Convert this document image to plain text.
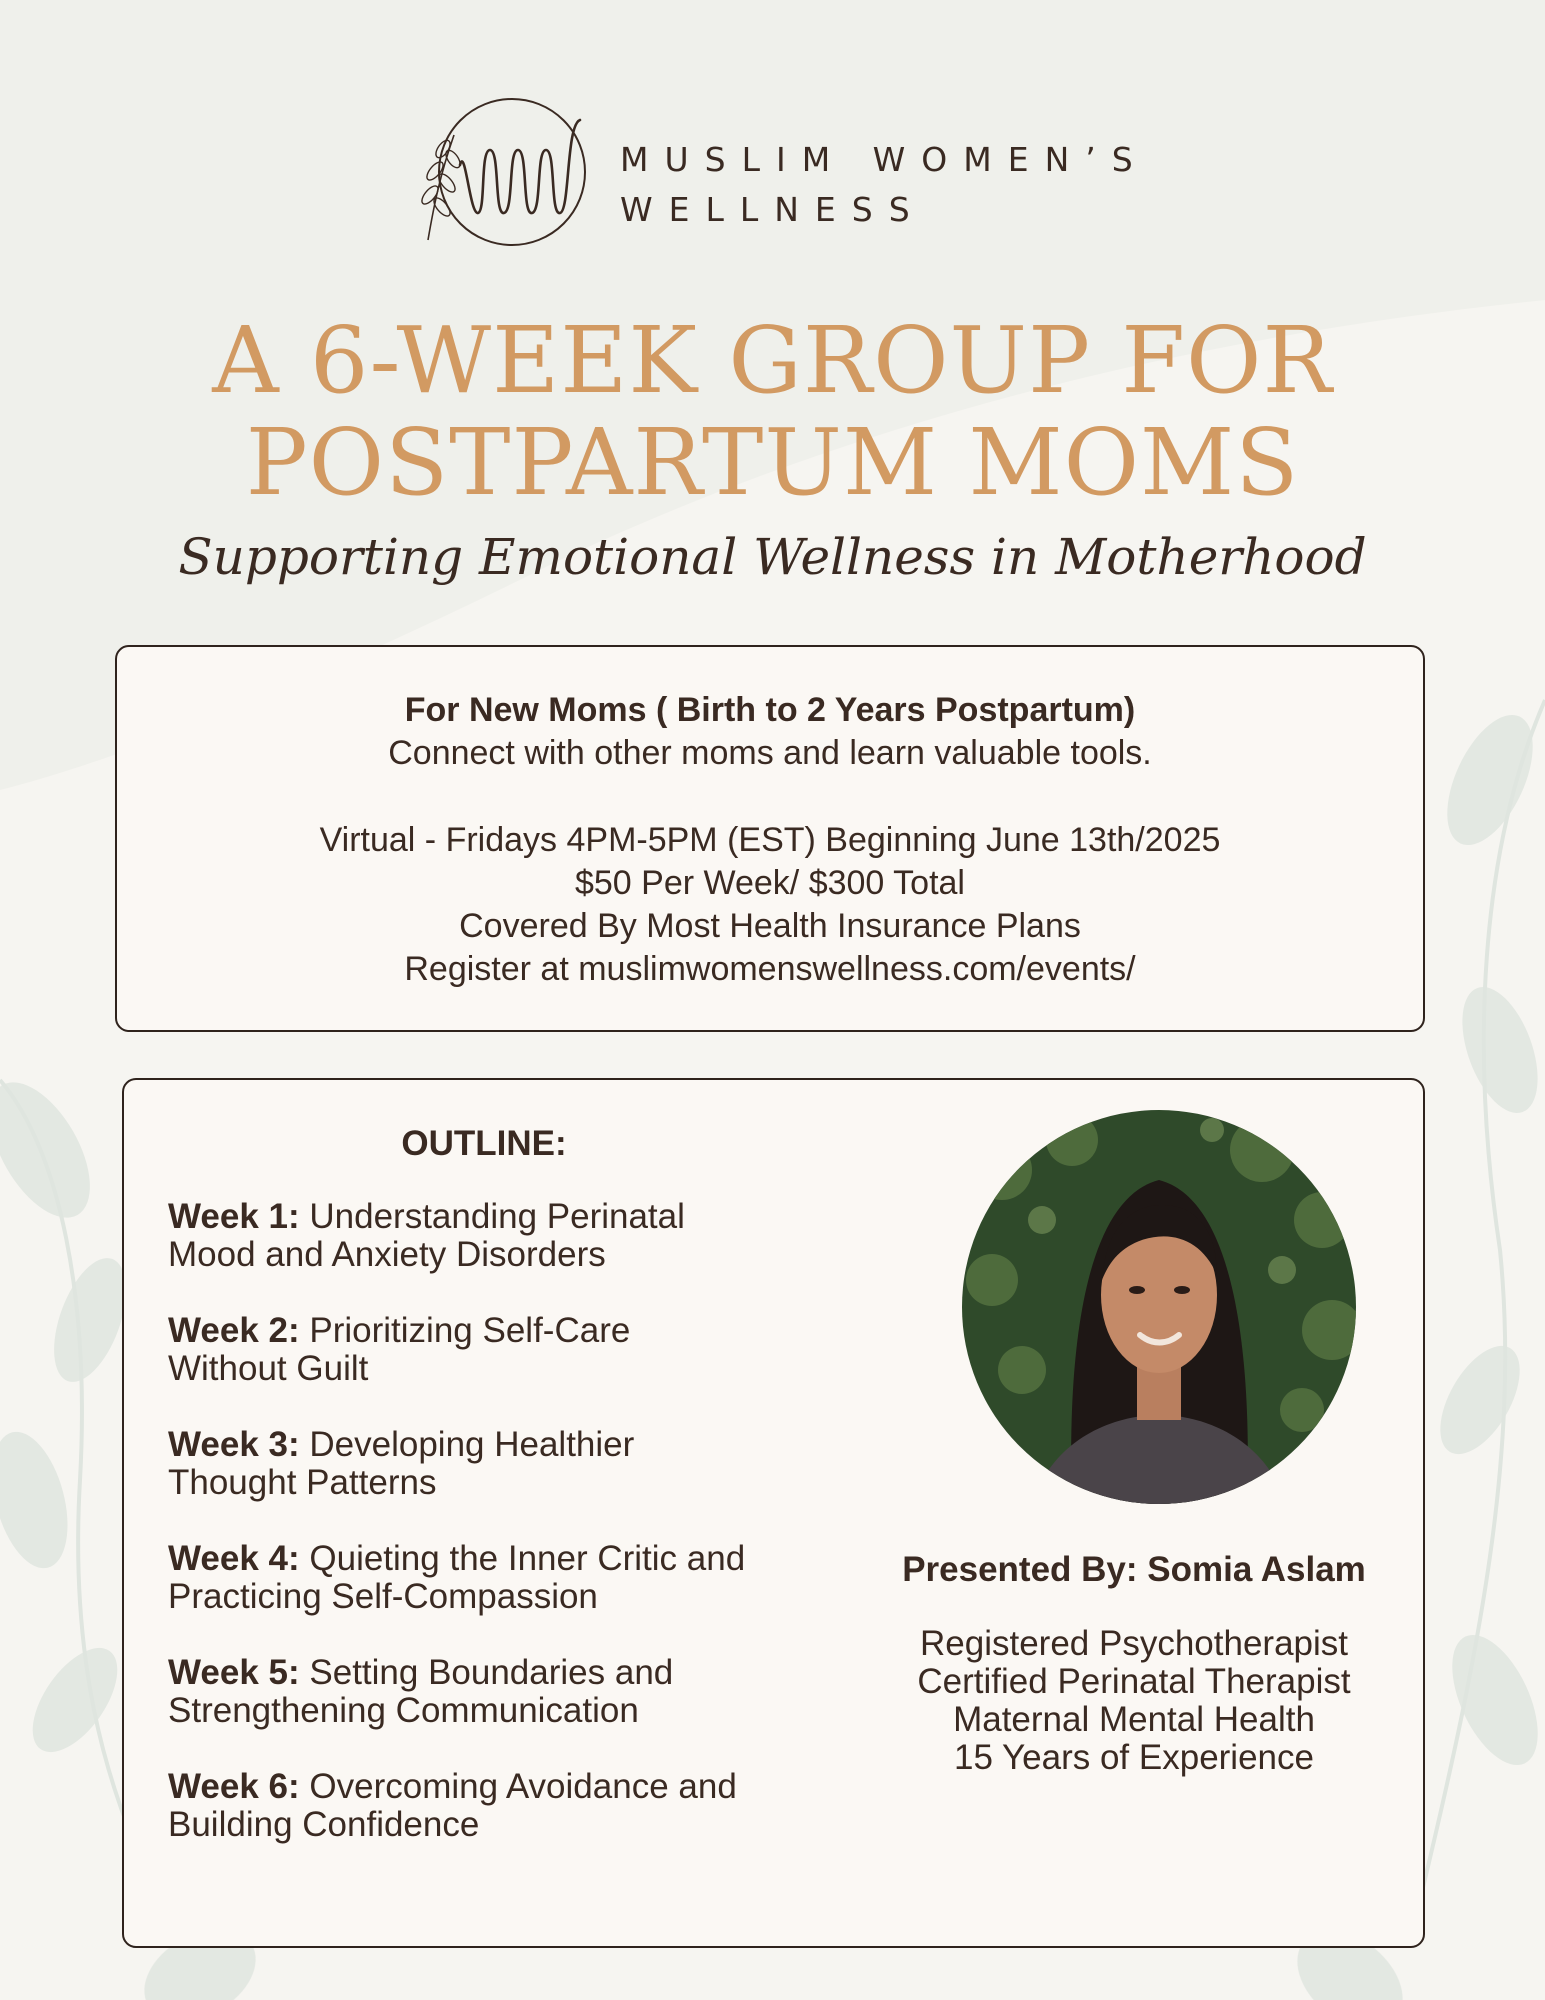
MUSLIM WOMEN’S
WELLNESS
A 6-WEEK GROUP FOR
POSTPARTUM MOMS
Supporting Emotional Wellness in Motherhood
For New Moms ( Birth to 2 Years Postpartum)
Connect with other moms and learn valuable tools.
Virtual - Fridays 4PM-5PM (EST) Beginning June 13th/2025
$50 Per Week/ $300 Total
Covered By Most Health Insurance Plans
Register at muslimwomenswellness.com/events/
OUTLINE:
Week 1: Understanding Perinatal
Mood and Anxiety Disorders
Week 2: Prioritizing Self-Care
Without Guilt
Week 3: Developing Healthier
Thought Patterns
Week 4: Quieting the Inner Critic and
Practicing Self-Compassion
Week 5: Setting Boundaries and
Strengthening Communication
Week 6: Overcoming Avoidance and
Building Confidence
Presented By: Somia Aslam
Registered Psychotherapist
Certified Perinatal Therapist
Maternal Mental Health
15 Years of Experience
